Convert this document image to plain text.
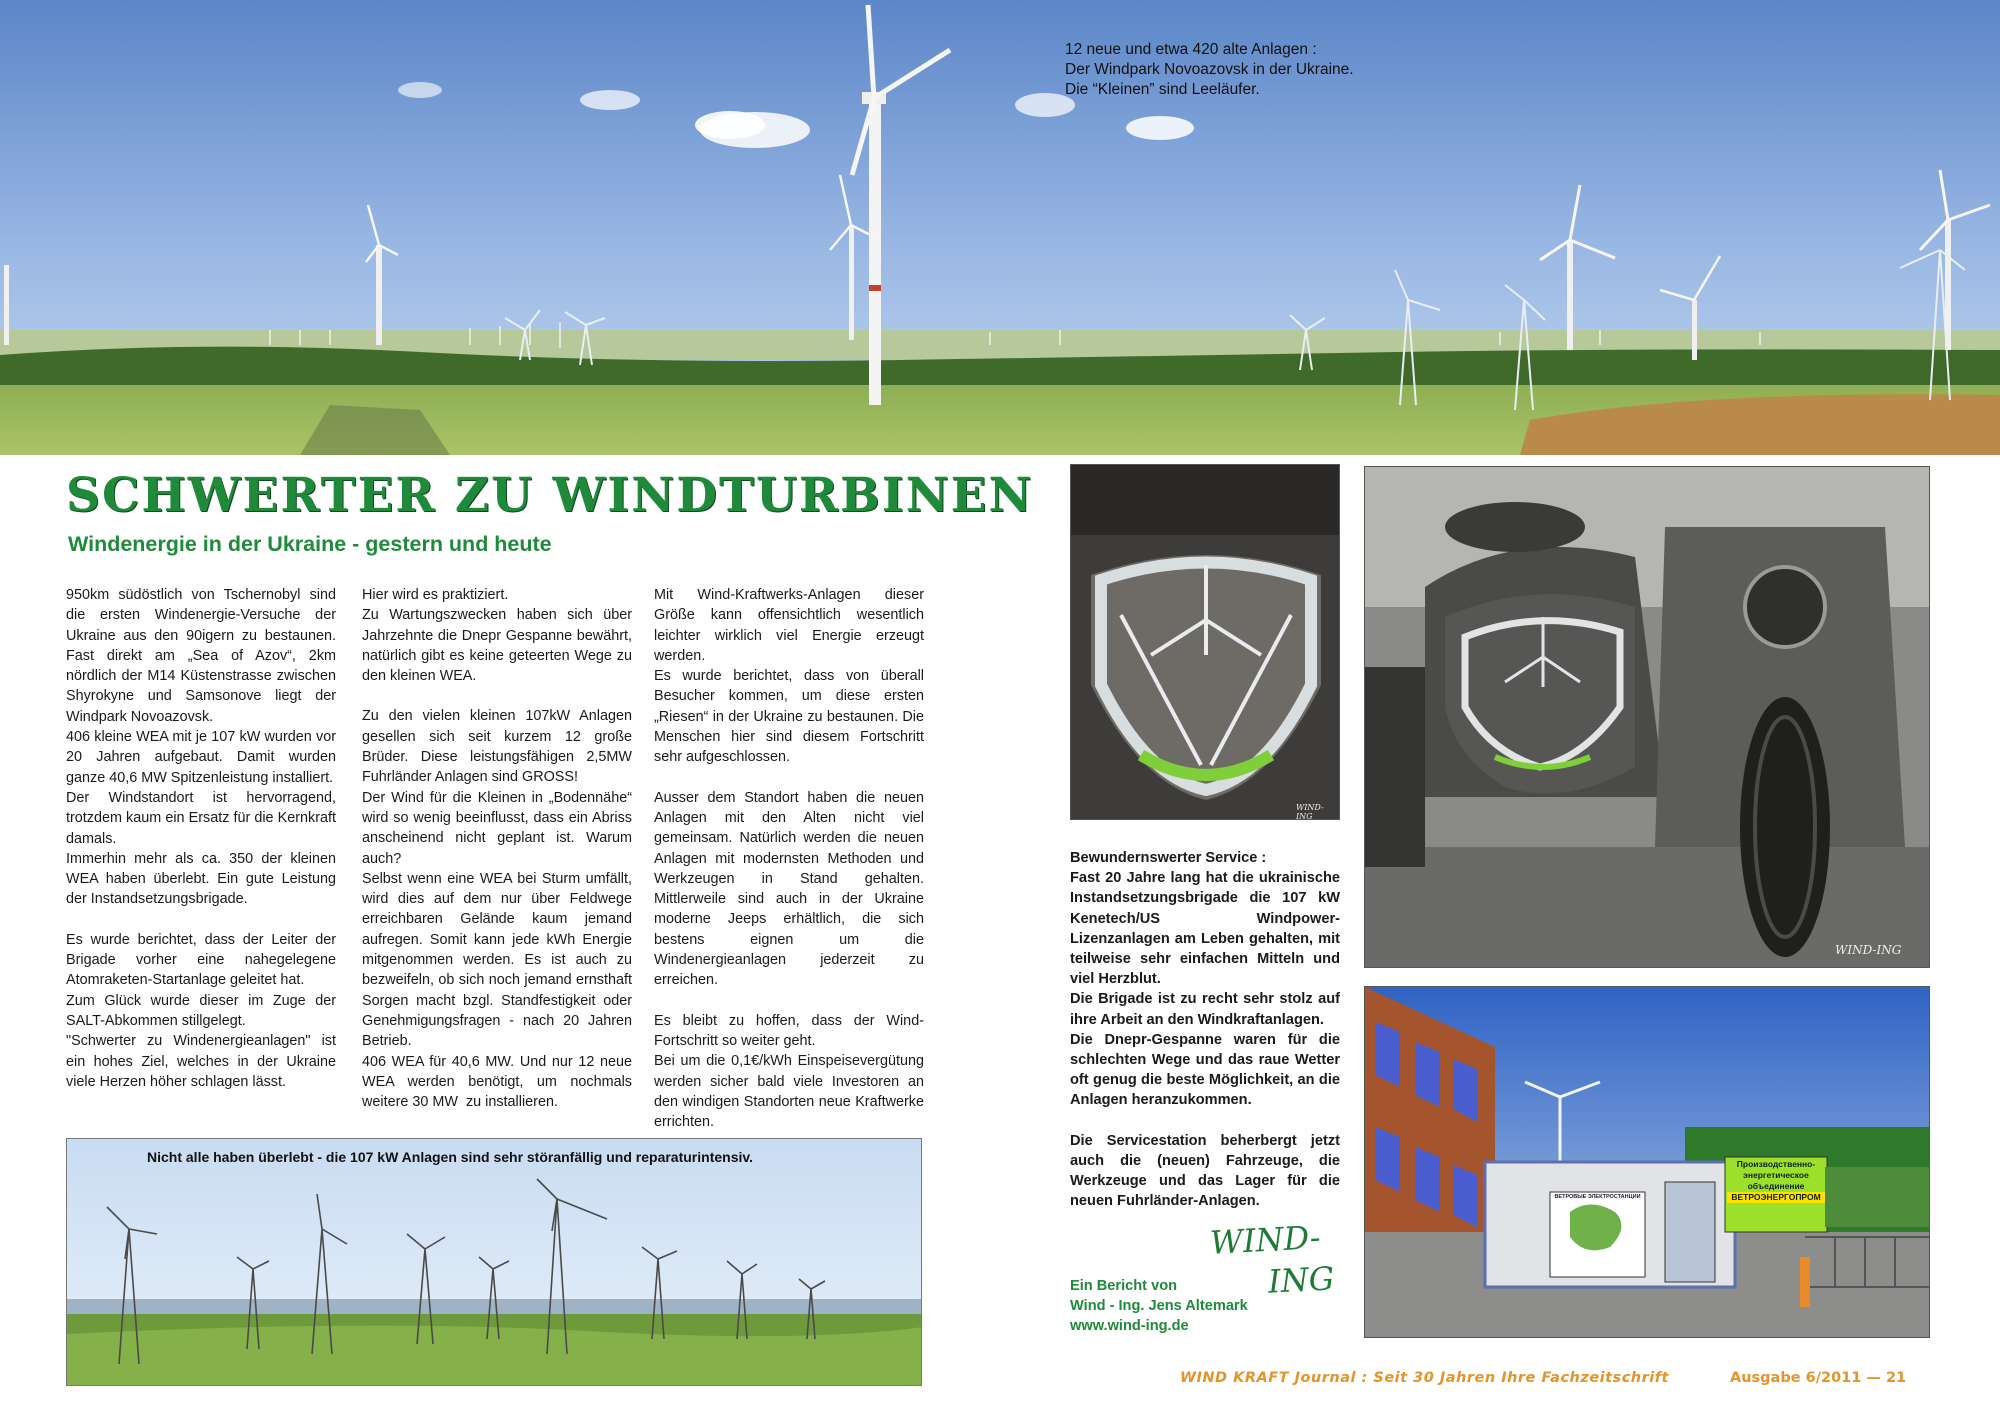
12 neue und etwa 420 alte Anlagen :
Der Windpark Novoazovsk in der Ukraine.
Die “Kleinen” sind Leeläufer.
SCHWERTER ZU WINDTURBINEN
Windenergie in der Ukraine - gestern und heute

950km südöstlich von Tschernobyl sind die ersten Windenergie-Versuche der Ukraine aus den 90igern zu bestaunen. Fast direkt am „Sea of Azov“, 2km nördlich der M14 Küstenstrasse zwischen Shyrokyne und Samsonove liegt der Windpark Novoazovsk.

406 kleine WEA mit je 107 kW wurden vor 20 Jahren aufgebaut. Damit wurden ganze 40,6 MW Spitzenleistung installiert.

Der Windstandort ist hervorragend, trotzdem kaum ein Ersatz für die Kernkraft damals.

Immerhin mehr als ca. 350 der kleinen WEA haben überlebt. Ein gute Leistung der Instandsetzungsbrigade.

Es wurde berichtet, dass der Leiter der Brigade vorher eine nahegelegene Atomraketen-Startanlage geleitet hat.

Zum Glück wurde dieser im Zuge der SALT-Abkommen stillgelegt.

"Schwerter zu Windenergieanlagen" ist ein hohes Ziel, welches in der Ukraine viele Herzen höher schlagen lässt.

Hier wird es praktiziert.

Zu Wartungszwecken haben sich über Jahrzehnte die Dnepr Gespanne bewährt, natürlich gibt es keine geteerten Wege zu den kleinen WEA.

Zu den vielen kleinen 107kW Anlagen gesellen sich seit kurzem 12 große Brüder. Diese leistungsfähigen 2,5MW Fuhrländer Anlagen sind GROSS!

Der Wind für die Kleinen in „Bodennähe“ wird so wenig beeinflusst, dass ein Abriss anscheinend nicht geplant ist. Warum auch?

Selbst wenn eine WEA bei Sturm umfällt, wird dies auf dem nur über Feldwege erreichbaren Gelände kaum jemand aufregen. Somit kann jede kWh Energie mitgenommen werden. Es ist auch zu bezweifeln, ob sich noch jemand ernsthaft Sorgen macht bzgl. Standfestigkeit oder Genehmigungsfragen - nach 20 Jahren Betrieb.

406 WEA für 40,6 MW. Und nur 12 neue WEA werden benötigt, um nochmals weitere 30 MW  zu installieren.

Mit Wind-Kraftwerks-Anlagen dieser Größe kann offensichtlich wesentlich leichter wirklich viel Energie erzeugt werden.

Es wurde berichtet, dass von überall Besucher kommen, um diese ersten „Riesen“ in der Ukraine zu bestaunen. Die Menschen hier sind diesem Fortschritt sehr aufgeschlossen.

Ausser dem Standort haben die neuen Anlagen mit den Alten nicht viel gemeinsam. Natürlich werden die neuen Anlagen mit modernsten Methoden und Werkzeugen in Stand gehalten. Mittlerweile sind auch in der Ukraine moderne Jeeps erhältlich, die sich bestens eignen um die Windenergieanlagen jederzeit zu erreichen.

Es bleibt zu hoffen, dass der Wind-Fortschritt so weiter geht.

Bei um die 0,1€/kWh Einspeisevergütung werden sicher bald viele Investoren an den windigen Standorten neue Kraftwerke errichten.

Nicht alle haben überlebt - die 107 kW Anlagen sind sehr störanfällig und reparaturintensiv.
WIND-ING
WIND-ING
Производственно-
энергетическое
объединение
ВЕТРОЭНЕРГОПРОМ
ВЕТРОВЫЕ ЭЛЕКТРОСТАНЦИИ

Bewundernswerter Service :

Fast 20 Jahre lang hat die ukrainische Instandsetzungsbrigade die 107 kW Kenetech/US Windpower-Lizenzanlagen am Leben gehalten, mit teilweise sehr einfachen Mitteln und viel Herzblut.

Die Brigade ist zu recht sehr stolz auf ihre Arbeit an den Windkraftanlagen.

Die Dnepr-Gespanne waren für die schlechten Wege und das raue Wetter oft genug die beste Möglichkeit, an die Anlagen heranzukommen.

Die Servicestation beherbergt jetzt auch die (neuen) Fahrzeuge, die Werkzeuge und das Lager für die neuen Fuhrländer-Anlagen.

WIND-
ING
Ein Bericht von
Wind - Ing. Jens Altemark
www.wind-ing.de
WIND KRAFT Journal : Seit 30 Jahren Ihre Fachzeitschrift	Ausgabe 6/2011 — 21
